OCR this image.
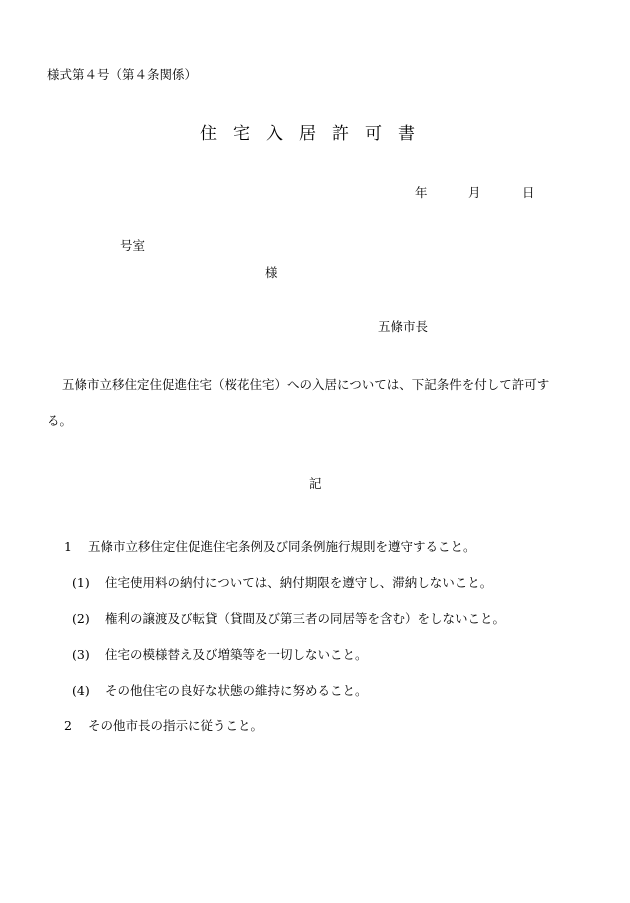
様式第４号（第４条関係）
住宅入居許可書
年	月	日
号室
様
五條市長
五條市立移住定住促進住宅（桜花住宅）への入居については、下記条件を付して許可す
る。
記
1 五條市立移住定住促進住宅条例及び同条例施行規則を遵守すること。
(1) 住宅使用料の納付については、納付期限を遵守し、滞納しないこと。
(2) 権利の譲渡及び転貸（貸間及び第三者の同居等を含む）をしないこと。
(3) 住宅の模様替え及び増築等を一切しないこと。
(4) その他住宅の良好な状態の維持に努めること。
2 その他市長の指示に従うこと。
